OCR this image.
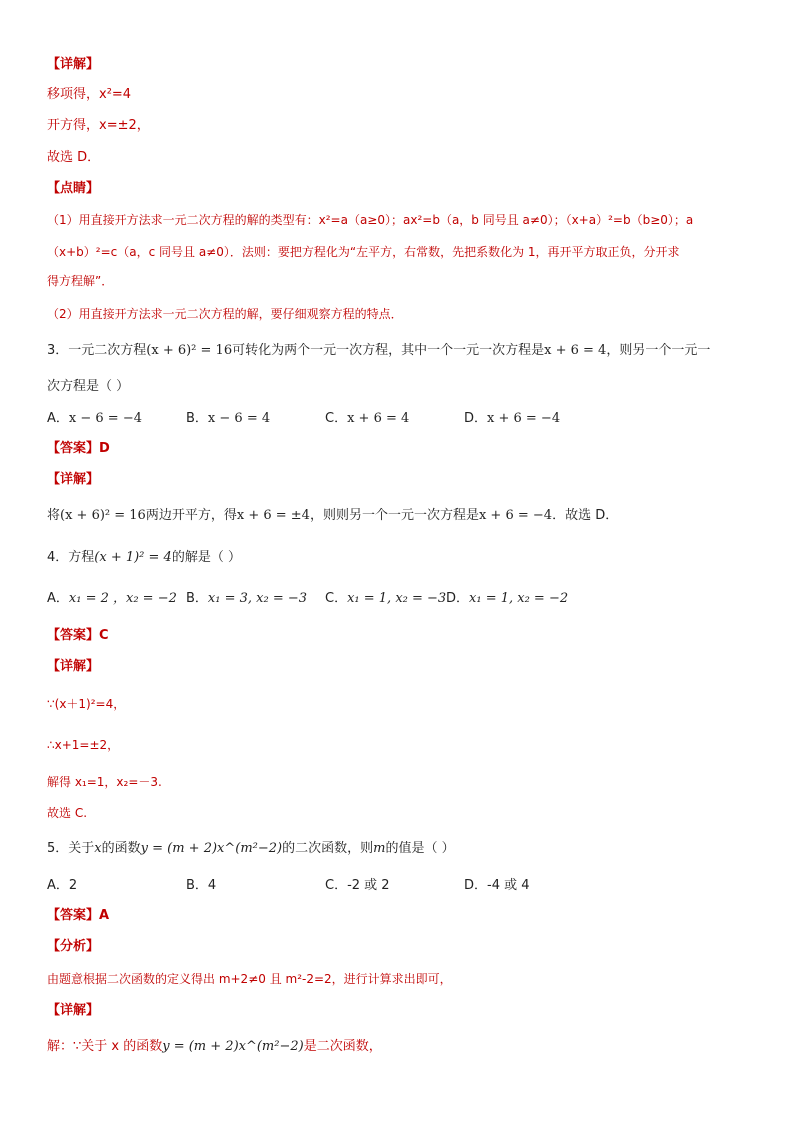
【详解】
移项得，x²=4
开方得，x=±2，
故选 D．
【点睛】
（1）用直接开方法求一元二次方程的解的类型有：x²=a（a≥0）；ax²=b（a，b 同号且 a≠0）；（x+a）²=b（b≥0）；a
（x+b）²=c（a，c 同号且 a≠0）．法则：要把方程化为“左平方，右常数，先把系数化为 1，再开平方取正负，分开求
得方程解”．
（2）用直接开方法求一元二次方程的解，要仔细观察方程的特点．
3．一元二次方程(x + 6)² = 16可转化为两个一元一次方程，其中一个一元一次方程是x + 6 = 4，则另一个一元一
次方程是（ ）
A．x − 6 = −4	B．x − 6 = 4	C．x + 6 = 4	D．x + 6 = −4
【答案】D
【详解】
将(x + 6)² = 16两边开平方，得x + 6 = ±4，则则另一个一元一次方程是x + 6 = −4．故选 D．
4．方程(x + 1)² = 4的解是（ ）
A．x₁ = 2 ，x₂ = −2 B．x₁ = 3, x₂ = −3 C．x₁ = 1, x₂ = −3 D．x₁ = 1, x₂ = −2
【答案】C
【详解】
∵(x＋1)²=4，
∴x+1=±2，
解得 x₁=1，x₂=－3.
故选 C.
5．关于x的函数y = (m + 2)x^(m²−2)的二次函数，则m的值是（ ）
A．2	B．4	C．-2 或 2	D．-4 或 4
【答案】A
【分析】
由题意根据二次函数的定义得出 m+2≠0 且 m²-2=2，进行计算求出即可，
【详解】
解：∵关于 x 的函数y = (m + 2)x^(m²−2)是二次函数，
